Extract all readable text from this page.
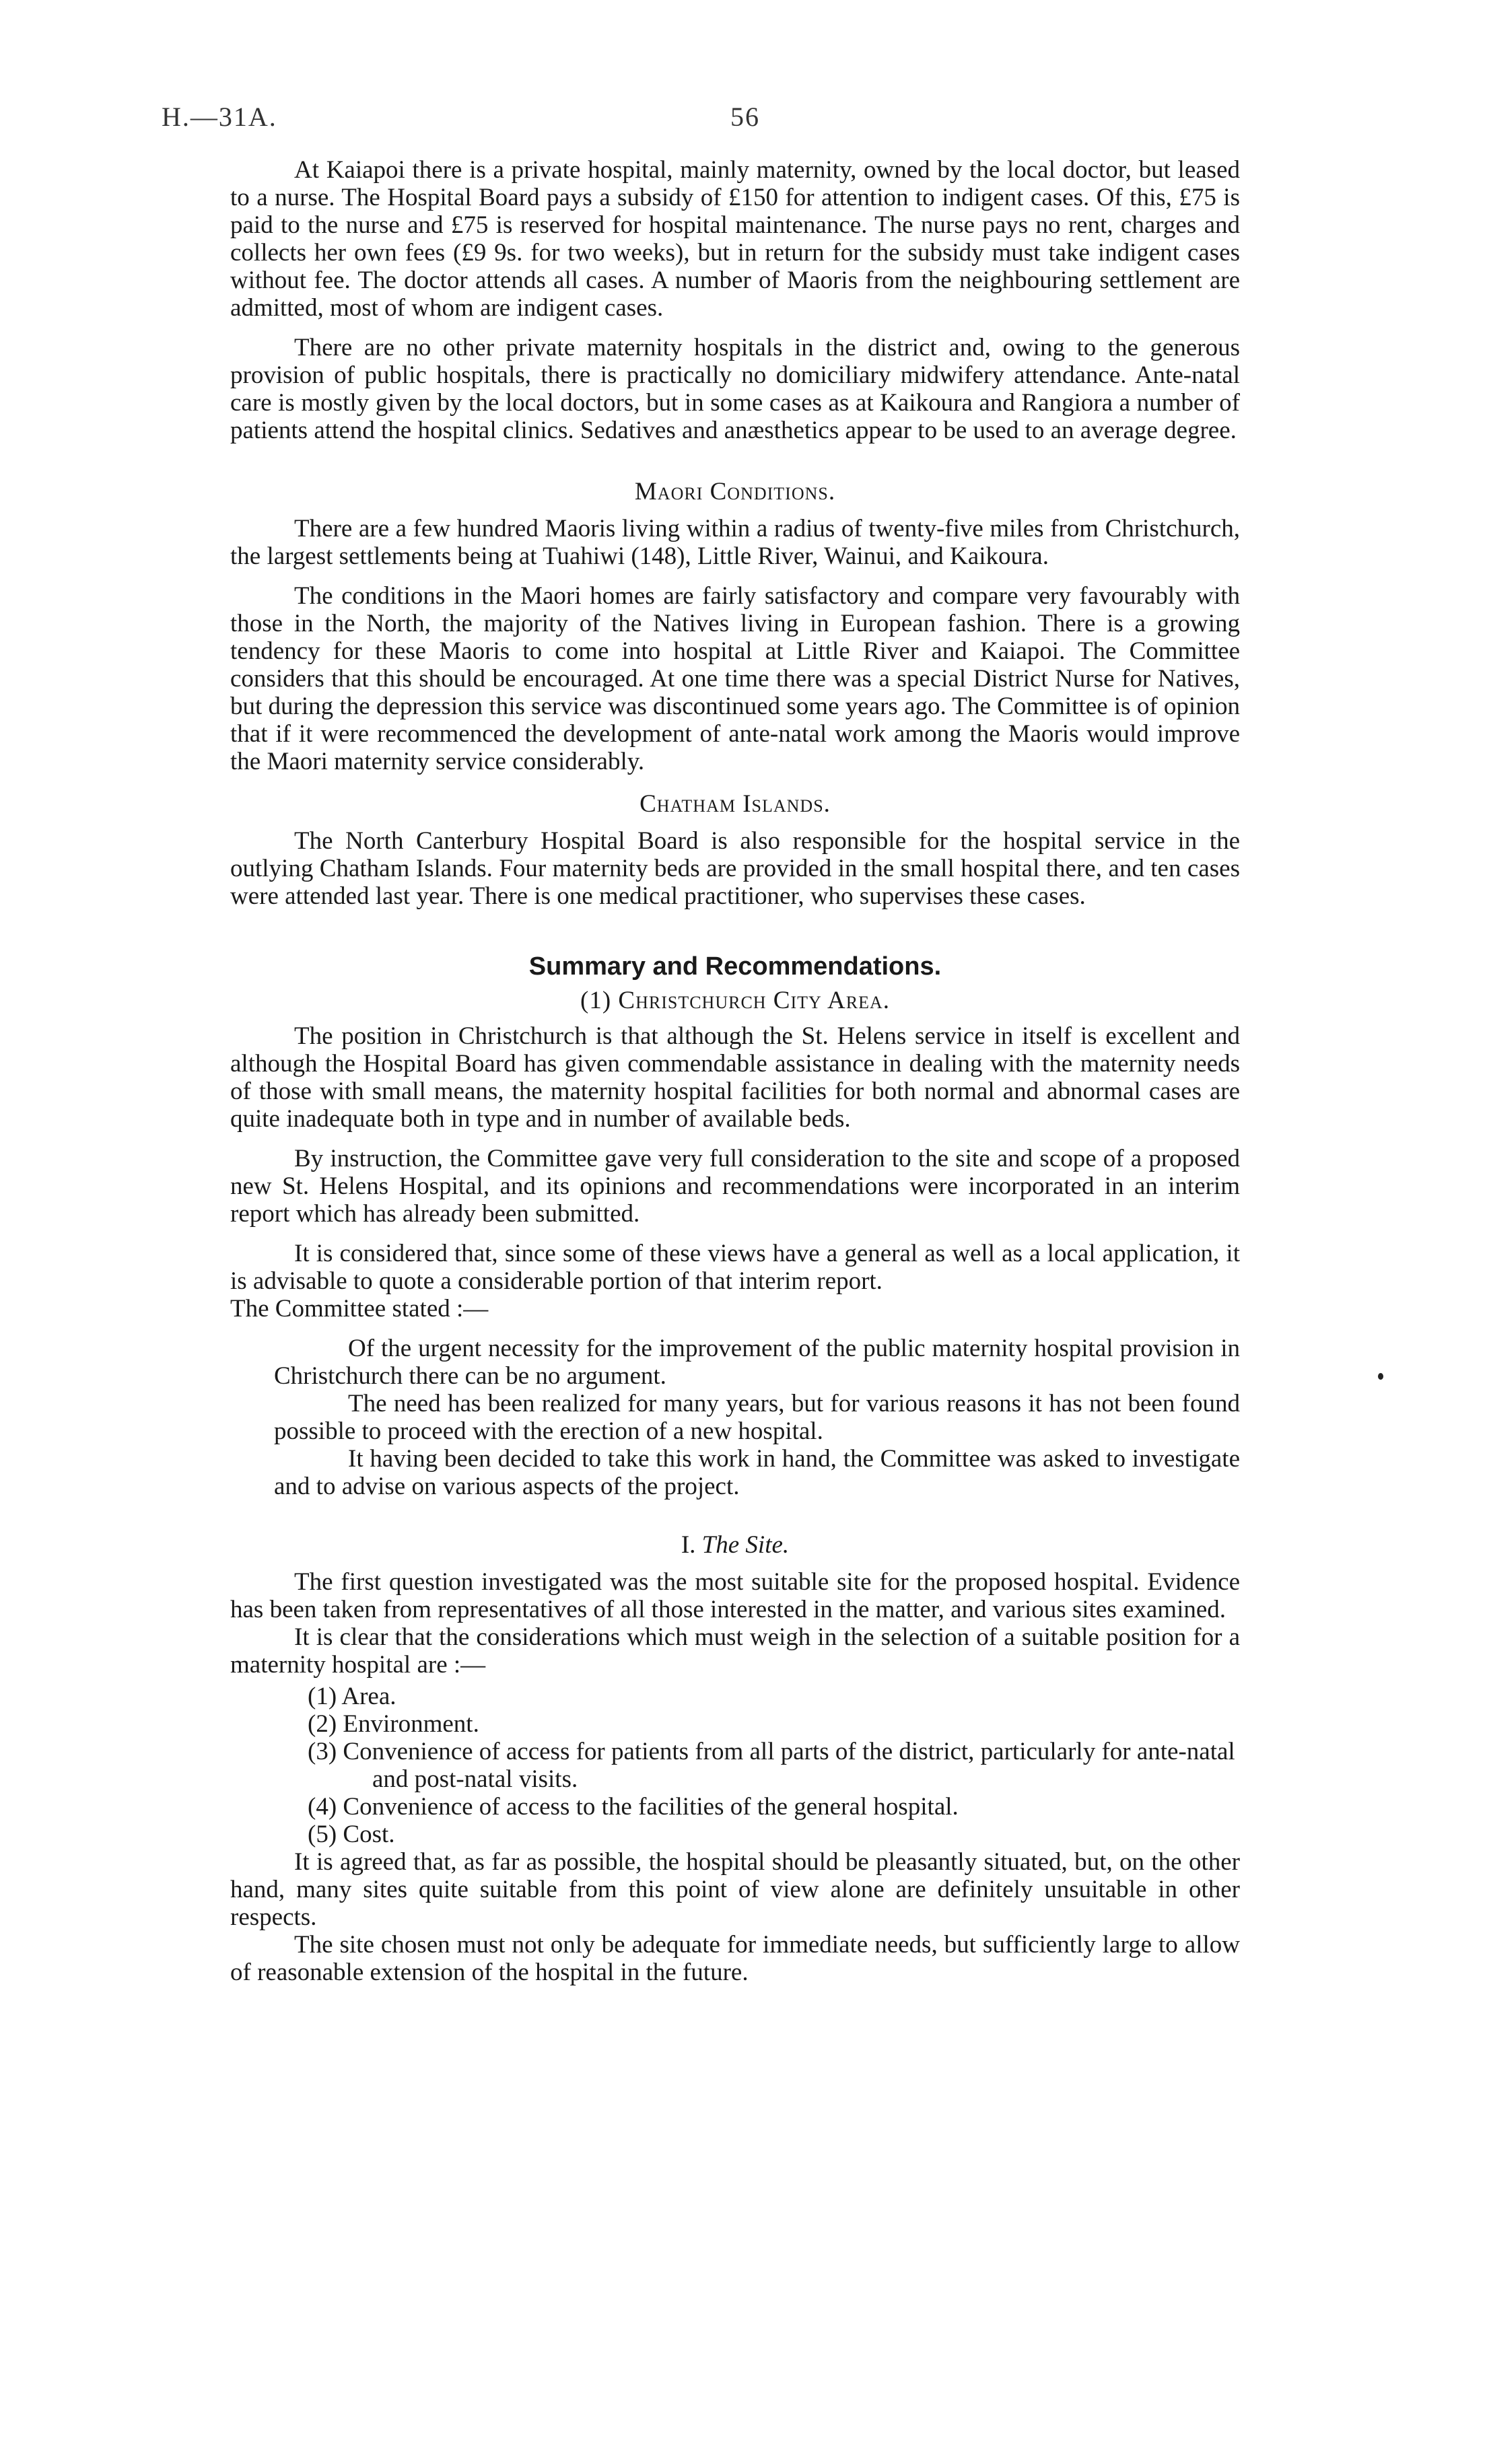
H.—31A.	56

At Kaiapoi there is a private hospital, mainly maternity, owned by the local doctor, but leased to a nurse. The Hospital Board pays a subsidy of £150 for attention to indigent cases. Of this, £75 is paid to the nurse and £75 is reserved for hospital maintenance. The nurse pays no rent, charges and collects her own fees (£9 9s. for two weeks), but in return for the subsidy must take indigent cases without fee. The doctor attends all cases. A number of Maoris from the neighbouring settlement are admitted, most of whom are indigent cases.

There are no other private maternity hospitals in the district and, owing to the generous provision of public hospitals, there is practically no domiciliary midwifery attendance. Ante-natal care is mostly given by the local doctors, but in some cases as at Kaikoura and Rangiora a number of patients attend the hospital clinics. Sedatives and anæsthetics appear to be used to an average degree.

Maori Conditions.

There are a few hundred Maoris living within a radius of twenty-five miles from Christchurch, the largest settlements being at Tuahiwi (148), Little River, Wainui, and Kaikoura.

The conditions in the Maori homes are fairly satisfactory and compare very favourably with those in the North, the majority of the Natives living in European fashion. There is a growing tendency for these Maoris to come into hospital at Little River and Kaiapoi. The Committee considers that this should be encouraged. At one time there was a special District Nurse for Natives, but during the depression this service was discontinued some years ago. The Committee is of opinion that if it were recommenced the development of ante-natal work among the Maoris would improve the Maori maternity service considerably.

Chatham Islands.

The North Canterbury Hospital Board is also responsible for the hospital service in the outlying Chatham Islands. Four maternity beds are provided in the small hospital there, and ten cases were attended last year. There is one medical practitioner, who supervises these cases.

Summary and Recommendations.
(1) Christchurch City Area.

The position in Christchurch is that although the St. Helens service in itself is excellent and although the Hospital Board has given commendable assistance in dealing with the maternity needs of those with small means, the maternity hospital facilities for both normal and abnormal cases are quite inadequate both in type and in number of available beds.

By instruction, the Committee gave very full consideration to the site and scope of a proposed new St. Helens Hospital, and its opinions and recommendations were incorporated in an interim report which has already been submitted.

It is considered that, since some of these views have a general as well as a local application, it is advisable to quote a considerable portion of that interim report.

The Committee stated :—

Of the urgent necessity for the improvement of the public maternity hospital provision in Christchurch there can be no argument.

The need has been realized for many years, but for various reasons it has not been found possible to proceed with the erection of a new hospital.

It having been decided to take this work in hand, the Committee was asked to investigate and to advise on various aspects of the project.

I. The Site.

The first question investigated was the most suitable site for the proposed hospital. Evidence has been taken from representatives of all those interested in the matter, and various sites examined.

It is clear that the considerations which must weigh in the selection of a suitable position for a maternity hospital are :—

(1) Area.
(2) Environment.
(3) Convenience of access for patients from all parts of the district, particularly for ante-natal and post-natal visits.
(4) Convenience of access to the facilities of the general hospital.
(5) Cost.

It is agreed that, as far as possible, the hospital should be pleasantly situated, but, on the other hand, many sites quite suitable from this point of view alone are definitely unsuitable in other respects.

The site chosen must not only be adequate for immediate needs, but sufficiently large to allow of reasonable extension of the hospital in the future.
